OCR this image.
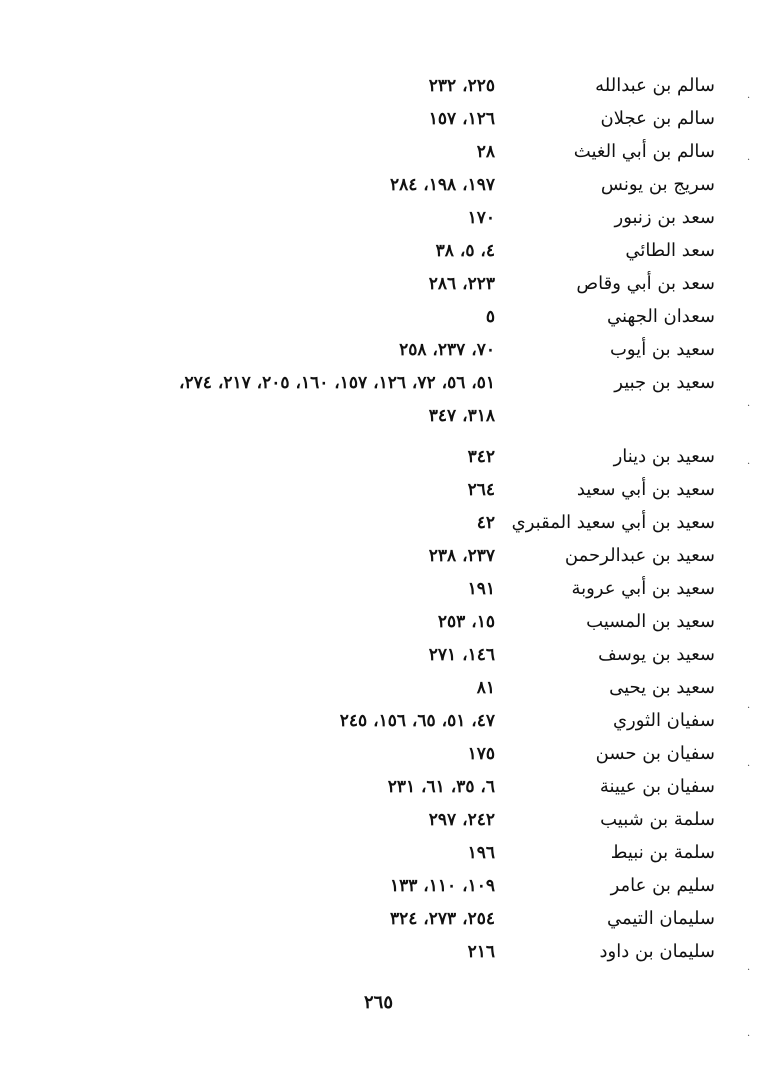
سالم بن عبدالله
٢٢٥، ٢٣٢
سالم بن عجلان
١٢٦، ١٥٧
سالم بن أبي الغيث
٢٨
سريج بن يونس
١٩٧، ١٩٨، ٢٨٤
سعد بن زنبور
١٧٠
سعد الطائي
٤، ٥، ٣٨
سعد بن أبي وقاص
٢٢٣، ٢٨٦
سعدان الجهني
٥
سعيد بن أيوب
٧٠، ٢٣٧، ٢٥٨
سعيد بن جبير
٥١، ٥٦، ٧٢، ١٢٦، ١٥٧، ١٦٠، ٢٠٥، ٢١٧، ٢٧٤،
٣١٨، ٣٤٧
سعيد بن دينار
٣٤٢
سعيد بن أبي سعيد
٢٦٤
سعيد بن أبي سعيد المقبري
٤٢
سعيد بن عبدالرحمن
٢٣٧، ٢٣٨
سعيد بن أبي عروبة
١٩١
سعيد بن المسيب
١٥، ٢٥٣
سعيد بن يوسف
١٤٦، ٢٧١
سعيد بن يحيى
٨١
سفيان الثوري
٤٧، ٥١، ٦٥، ١٥٦، ٢٤٥
سفيان بن حسن
١٧٥
سفيان بن عيينة
٦، ٣٥، ٦١، ٢٣١
سلمة بن شبيب
٢٤٢، ٢٩٧
سلمة بن نبيط
١٩٦
سليم بن عامر
١٠٩، ١١٠، ١٣٣
سليمان التيمي
٢٥٤، ٢٧٣، ٣٢٤
سليمان بن داود
٢١٦
٢٦٥
·
·
·
·
·
·
·
·
